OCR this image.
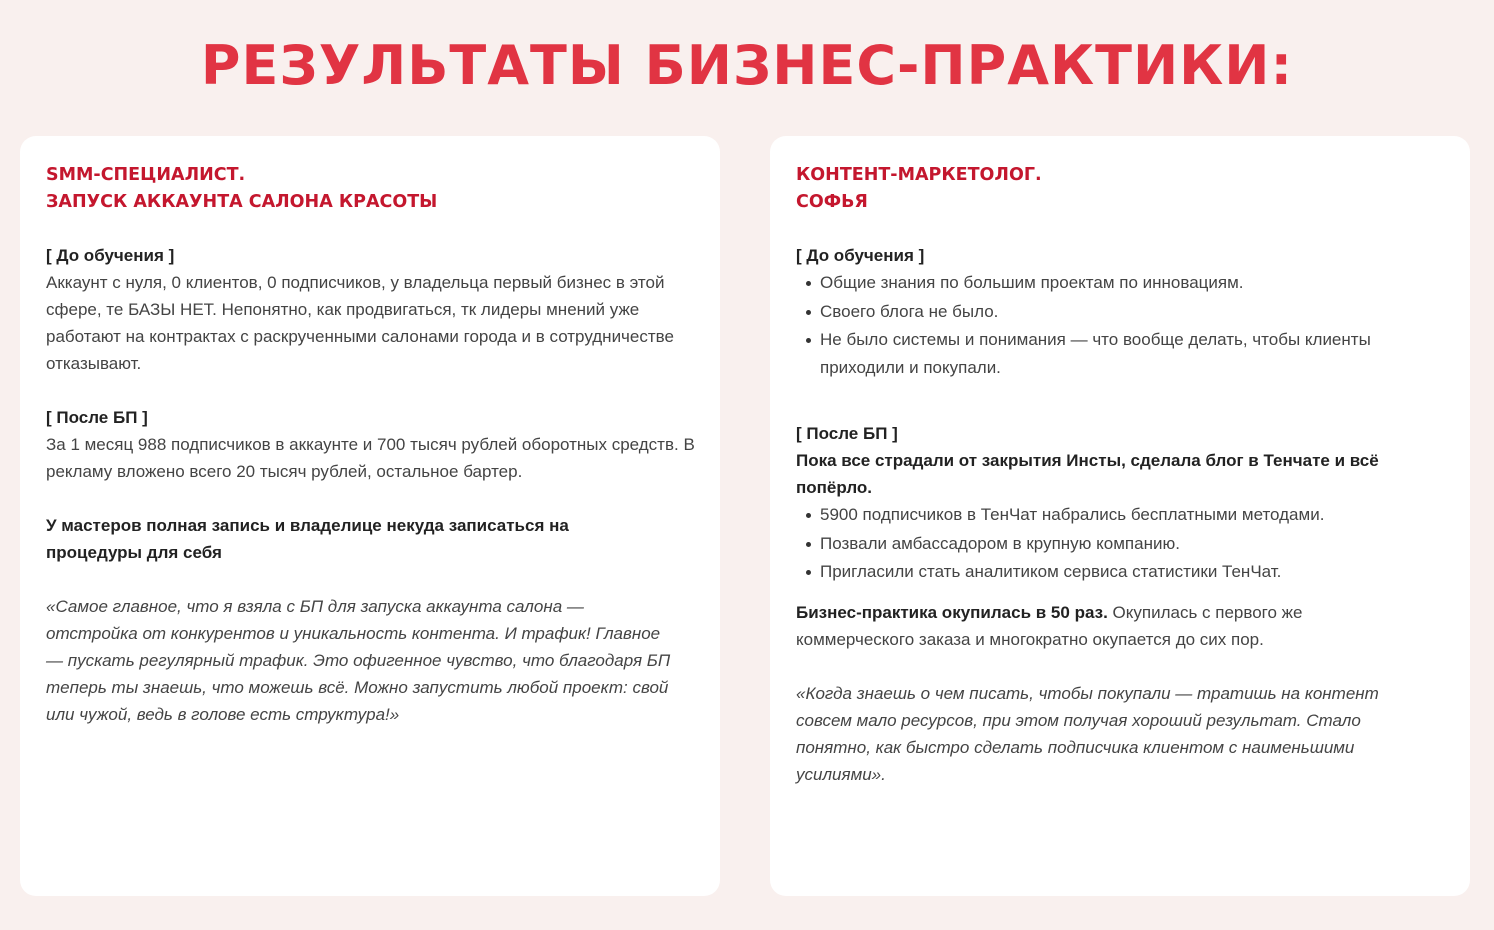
РЕЗУЛЬТАТЫ БИЗНЕС-ПРАКТИКИ:
SMM-СПЕЦИАЛИСТ.
ЗАПУСК АККАУНТА САЛОНА КРАСОТЫ

[ До обучения ]

Аккаунт с нуля, 0 клиентов, 0 подписчиков, у владельца первый бизнес в этой сфере, те БАЗЫ НЕТ. Непонятно, как продвигаться, тк лидеры мнений уже работают на контрактах с раскрученными салонами города и в сотрудничестве отказывают.

[ После БП ]

За 1 месяц 988 подписчиков в аккаунте и 700 тысяч рублей оборотных средств. В рекламу вложено всего 20 тысяч рублей, остальное бартер.

У мастеров полная запись и владелице некуда записаться на процедуры для себя

«Самое главное, что я взяла с БП для запуска аккаунта салона — отстройка от конкурентов и уникальность контента. И трафик! Главное — пускать регулярный трафик. Это офигенное чувство, что благодаря БП теперь ты знаешь, что можешь всё. Можно запустить любой проект: свой или чужой, ведь в голове есть структура!»

КОНТЕНТ-МАРКЕТОЛОГ.
СОФЬЯ

[ До обучения ]

Общие знания по большим проектам по инновациям.
Своего блога не было.
Не было системы и понимания — что вообще делать, чтобы клиенты приходили и покупали.

[ После БП ]

Пока все страдали от закрытия Инсты, сделала блог в Тенчате и всё попёрло.

5900 подписчиков в ТенЧат набрались бесплатными методами.
Позвали амбассадором в крупную компанию.
Пригласили стать аналитиком сервиса статистики ТенЧат.

Бизнес-практика окупилась в 50 раз. Окупилась с первого же коммерческого заказа и многократно окупается до сих пор.

«Когда знаешь о чем писать, чтобы покупали — тратишь на контент совсем мало ресурсов, при этом получая хороший результат. Стало понятно, как быстро сделать подписчика клиентом с наименьшими усилиями».
